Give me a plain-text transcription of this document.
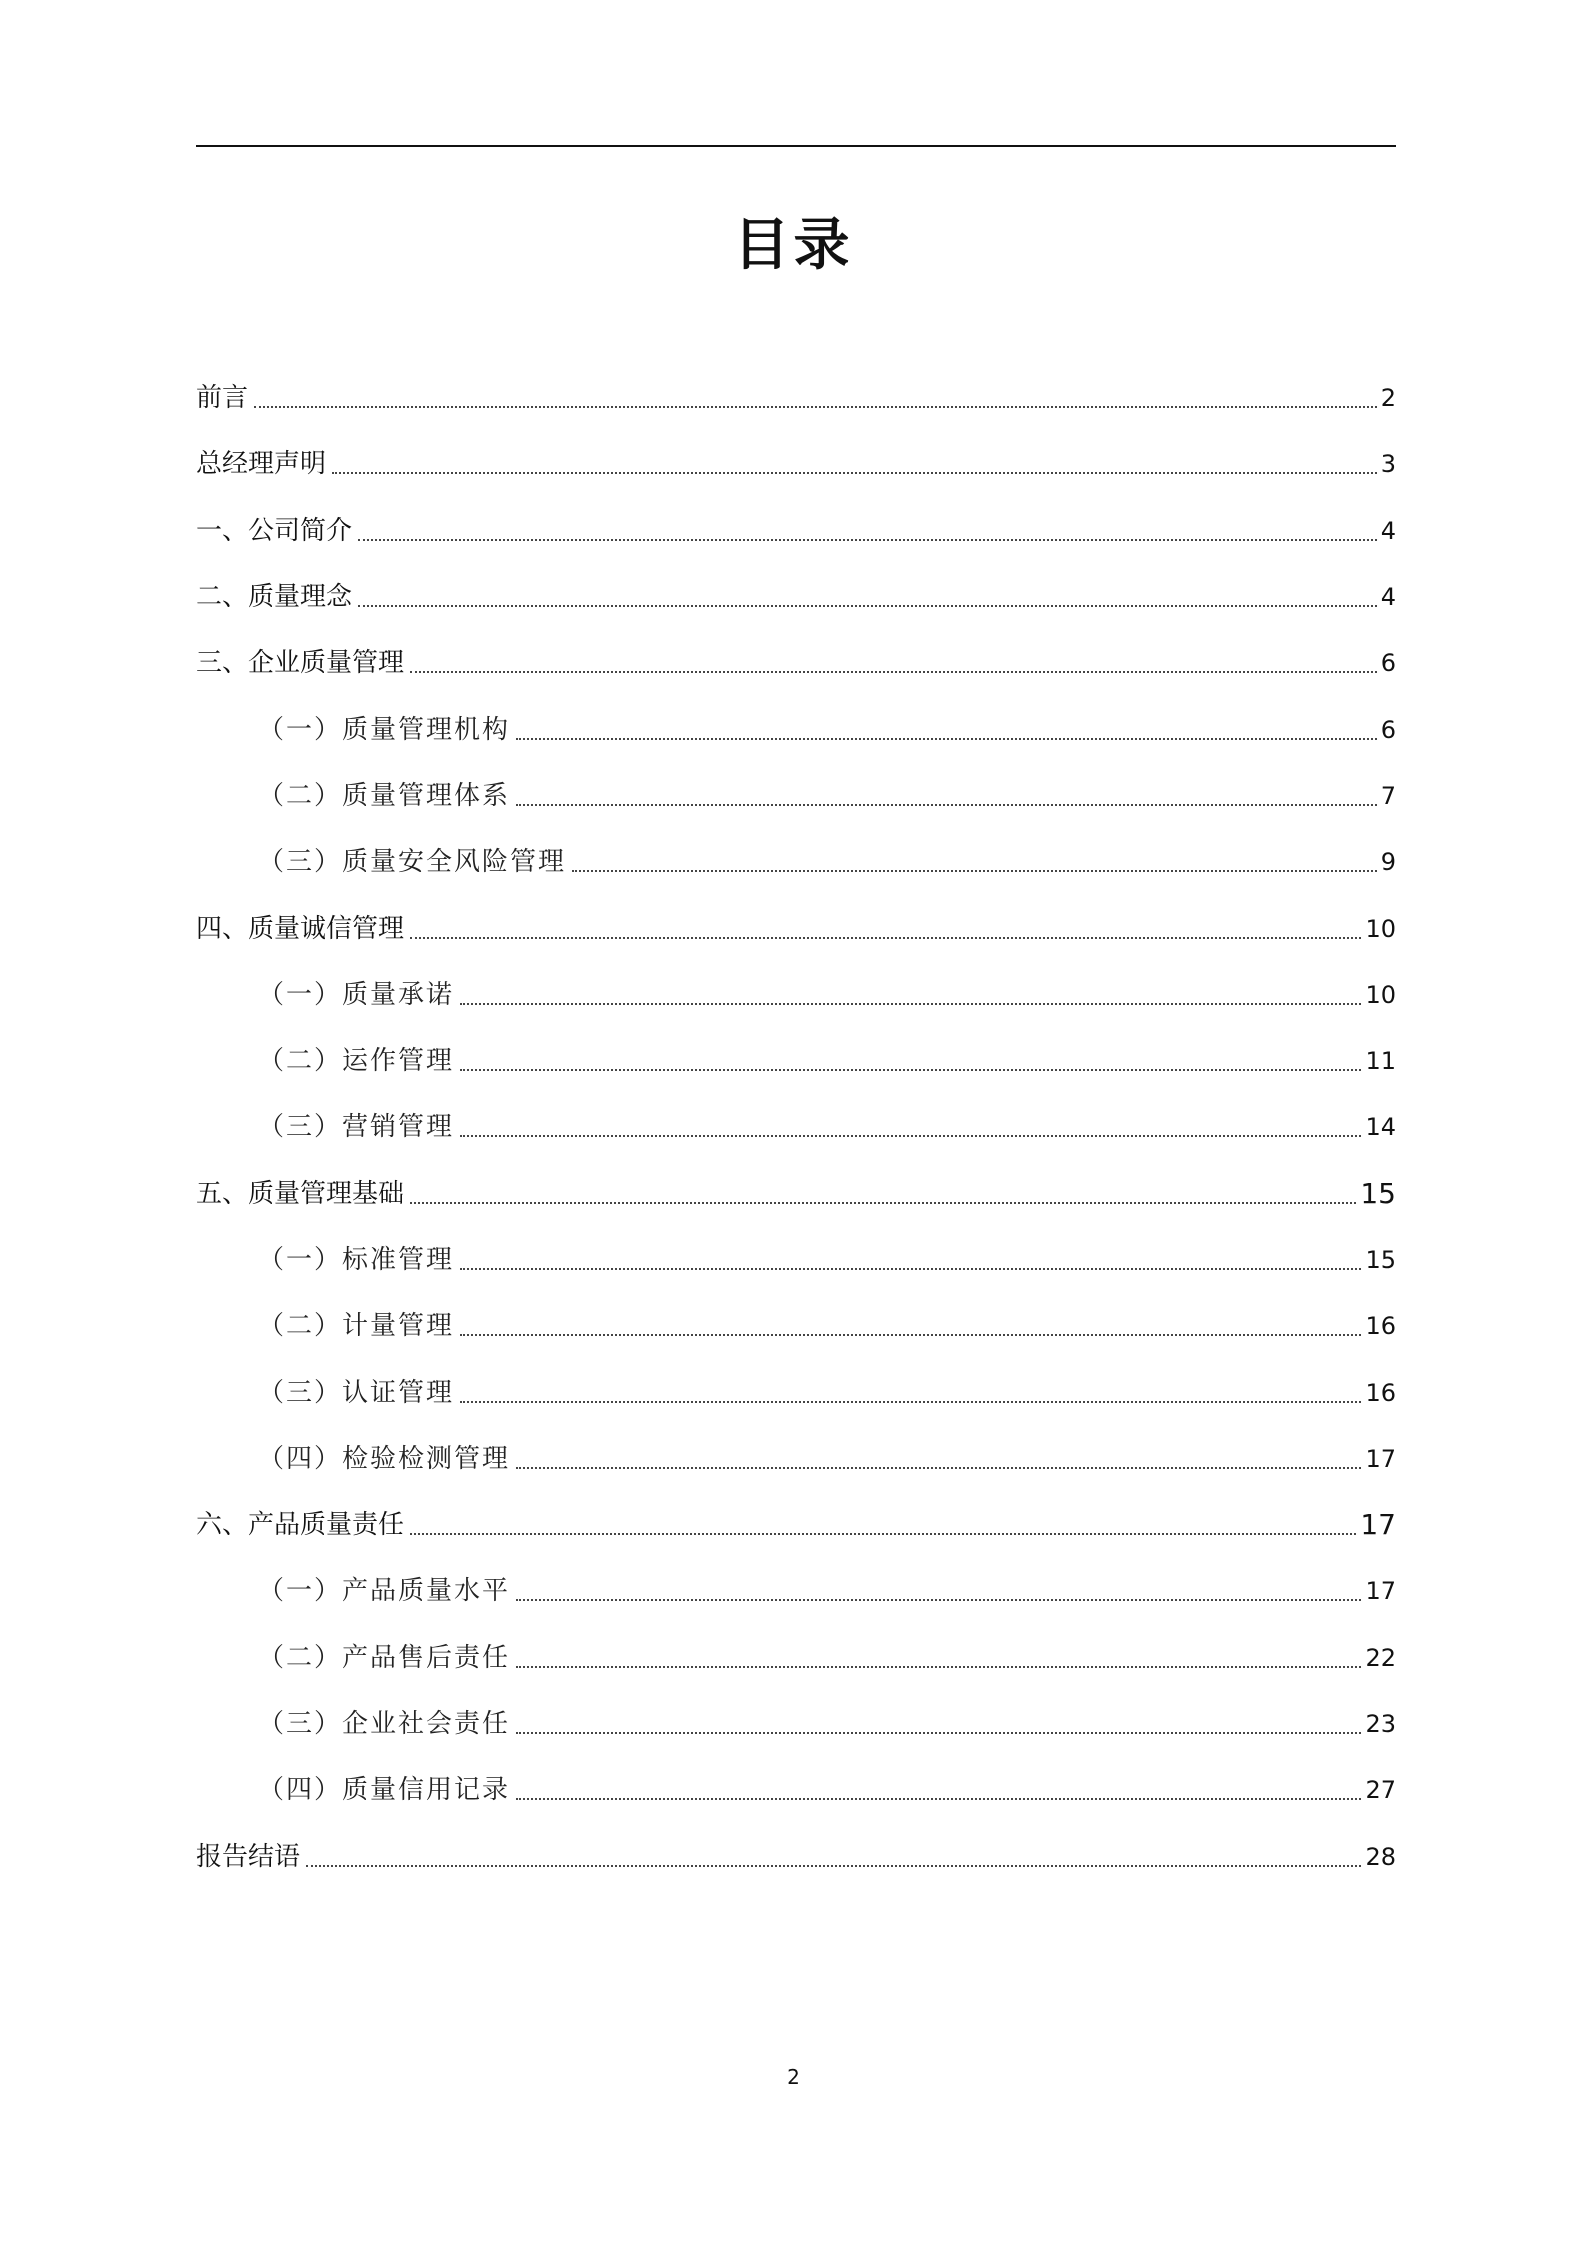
目录
前言	2
总经理声明	3
一、公司简介	4
二、质量理念	4
三、企业质量管理	6
（一）质量管理机构	6
（二）质量管理体系	7
（三）质量安全风险管理	9
四、质量诚信管理	10
（一）质量承诺	10
（二）运作管理	11
（三）营销管理	14
五、质量管理基础	15
（一）标准管理	15
（二）计量管理	16
（三）认证管理	16
（四）检验检测管理	17
六、产品质量责任	17
（一）产品质量水平	17
（二）产品售后责任	22
（三）企业社会责任	23
（四）质量信用记录	27
报告结语	28
2
